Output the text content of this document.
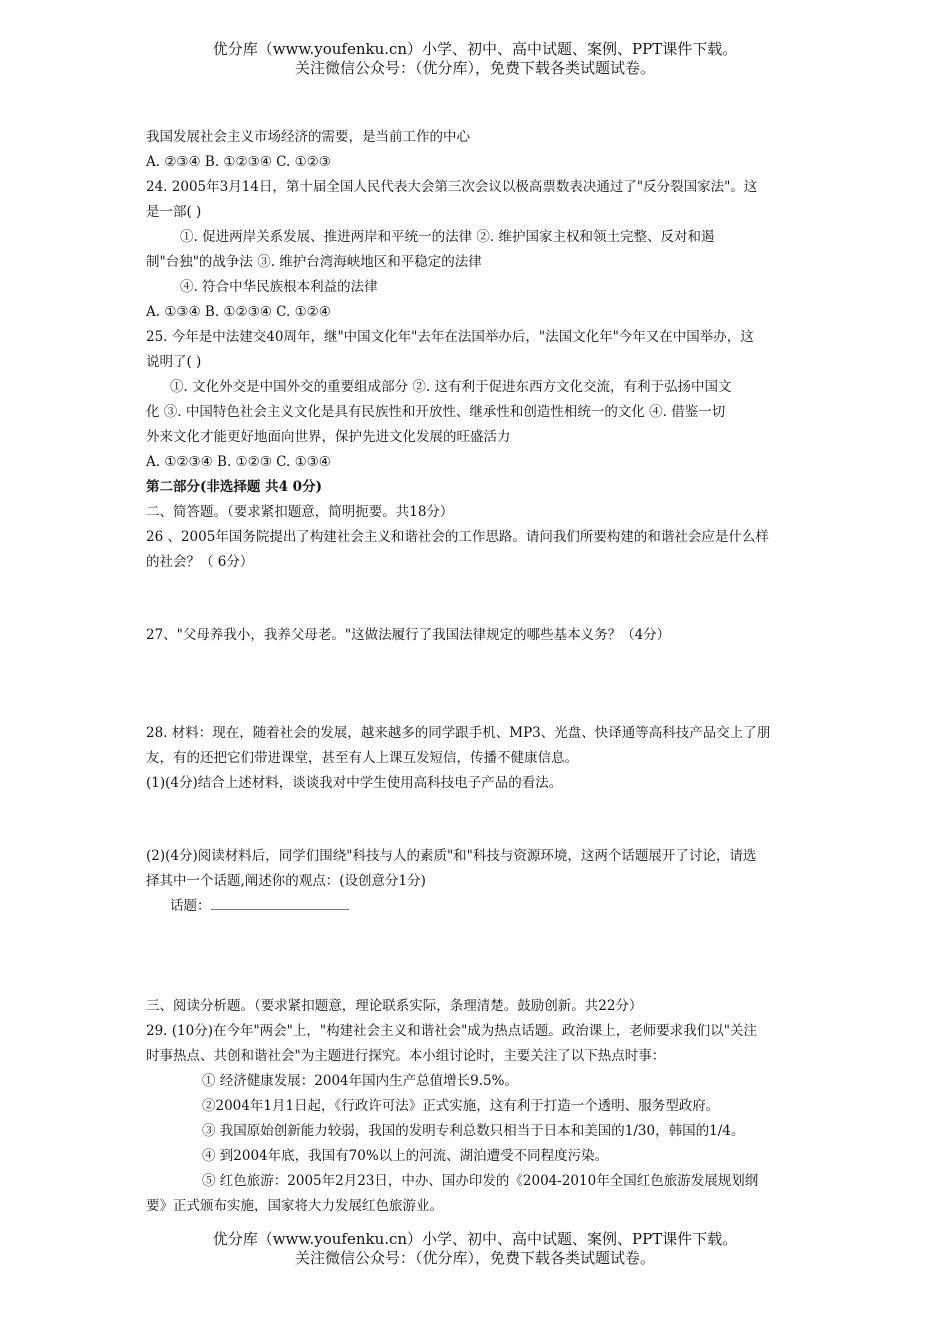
优分库（www.youfenku.cn）小学、初中、高中试题、案例、PPT课件下载。
关注微信公众号：（优分库），免费下载各类试题试卷。

我国发展社会主义市场经济的需要，是当前工作的中心

A. ②③④ B. ①②③④ C. ①②③

24. 2005年3月14日，第十届全国人民代表大会第三次会议以极高票数表决通过了"反分裂国家法"。这

是一部( )

①. 促进两岸关系发展、推进两岸和平统一的法律 ②. 维护国家主权和领土完整、反对和遏

制"台独"的战争法 ③. 维护台湾海峡地区和平稳定的法律

④. 符合中华民族根本利益的法律

A. ①③④ B. ①②③④ C. ①②④

25. 今年是中法建交40周年，继"中国文化年"去年在法国举办后，"法国文化年"今年又在中国举办，这

说明了( )

①. 文化外交是中国外交的重要组成部分 ②. 这有利于促进东西方文化交流，有利于弘扬中国文

化 ③. 中国特色社会主义文化是具有民族性和开放性、继承性和创造性相统一的文化 ④. 借鉴一切

外来文化才能更好地面向世界，保护先进文化发展的旺盛活力

A. ①②③④ B. ①②③ C. ①③④

第二部分(非选择题 共4 0分)

二、简答题。（要求紧扣题意，简明扼要。共18分）

26 、2005年国务院提出了构建社会主义和谐社会的工作思路。请问我们所要构建的和谐社会应是什么样

的社会？（ 6分）

27、"父母养我小，我养父母老。"这做法履行了我国法律规定的哪些基本义务？（4分）

28. 材料：现在，随着社会的发展，越来越多的同学跟手机、MP3、光盘、快译通等高科技产品交上了朋

友，有的还把它们带进课堂，甚至有人上课互发短信，传播不健康信息。

(1)(4分)结合上述材料，谈谈我对中学生使用高科技电子产品的看法。

(2)(4分)阅读材料后，同学们围绕"科技与人的素质"和"科技与资源环境，这两个话题展开了讨论，请选

择其中一个话题,阐述你的观点：(设创意分1分)

话题：

三、阅读分析题。（要求紧扣题意，理论联系实际，条理清楚。鼓励创新。共22分）

29. (10分)在今年"两会"上，"构建社会主义和谐社会"成为热点话题。政治课上，老师要求我们以"关注

时事热点、共创和谐社会"为主题进行探究。本小组讨论时，主要关注了以下热点时事：

① 经济健康发展：2004年国内生产总值增长9.5%。

②2004年1月1日起，《行政许可法》正式实施，这有利于打造一个透明、服务型政府。

③ 我国原始创新能力较弱，我国的发明专利总数只相当于日本和美国的1/30，韩国的1/4。

④ 到2004年底，我国有70%以上的河流、湖泊遭受不同程度污染。

⑤ 红色旅游：2005年2月23日，中办、国办印发的《2004-2010年全国红色旅游发展规划纲

要》正式颁布实施，国家将大力发展红色旅游业。

优分库（www.youfenku.cn）小学、初中、高中试题、案例、PPT课件下载。
关注微信公众号：（优分库），免费下载各类试题试卷。
